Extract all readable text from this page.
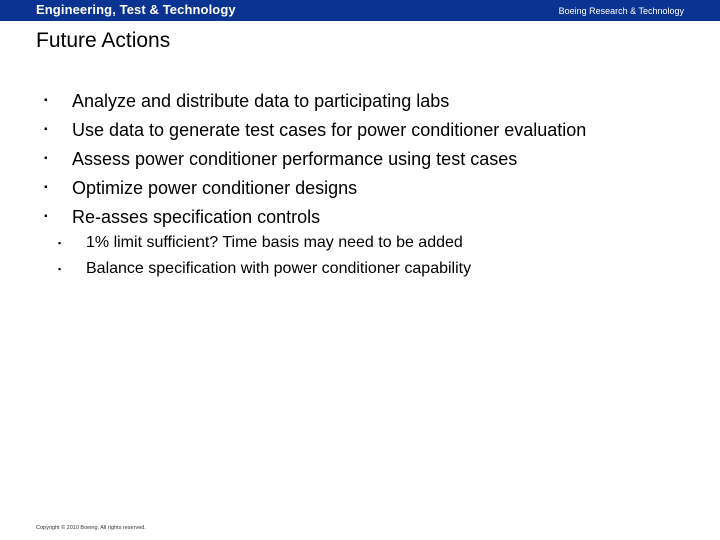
Engineering, Test & Technology	Boeing Research & Technology
Future Actions
▪ Analyze and distribute data to participating labs
▪ Use data to generate test cases for power conditioner evaluation
▪ Assess power conditioner performance using test cases
▪ Optimize power conditioner designs
▪ Re-asses specification controls
▪ 1% limit sufficient? Time basis may need to be added
▪ Balance specification with power conditioner capability
Copyright © 2010 Boeing. All rights reserved.
